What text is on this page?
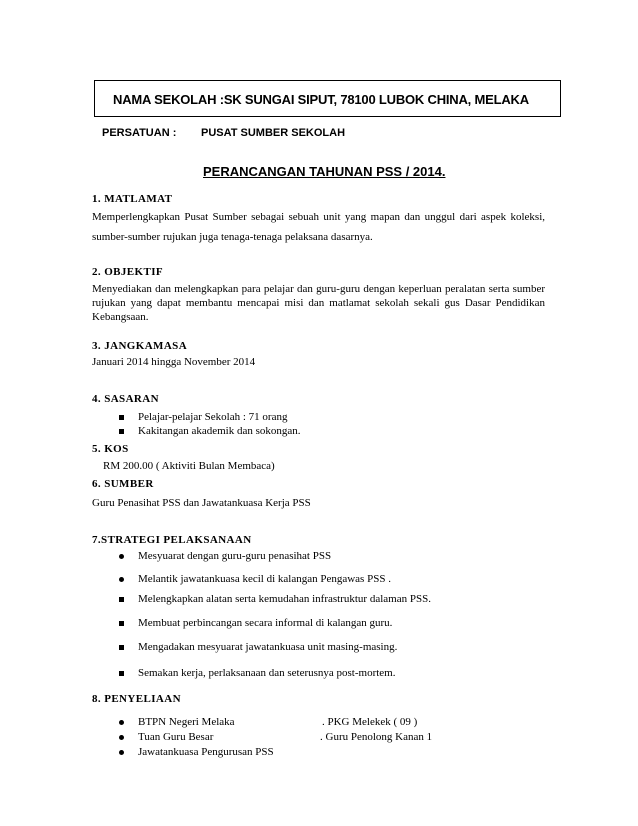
NAMA SEKOLAH :SK SUNGAI SIPUT, 78100 LUBOK CHINA, MELAKA
PERSATUAN : PUSAT SUMBER SEKOLAH
PERANCANGAN TAHUNAN PSS / 2014.
1. MATLAMAT
Memperlengkapkan Pusat Sumber sebagai sebuah unit yang mapan dan unggul dari aspek koleksi,
sumber-sumber rujukan juga tenaga-tenaga pelaksana dasarnya.
2. OBJEKTIF
Menyediakan dan melengkapkan para pelajar dan guru-guru dengan keperluan peralatan serta sumber
rujukan yang dapat membantu mencapai misi dan matlamat sekolah sekali gus Dasar Pendidikan
Kebangsaan.
3. JANGKAMASA
Januari 2014 hingga November 2014
4. SASARAN
Pelajar-pelajar Sekolah : 71 orang
Kakitangan akademik dan sokongan.
5. KOS
RM 200.00 ( Aktiviti Bulan Membaca)
6. SUMBER
Guru Penasihat PSS dan Jawatankuasa Kerja PSS
7.STRATEGI PELAKSANAAN
Mesyuarat dengan guru-guru penasihat PSS
Melantik jawatankuasa kecil di kalangan Pengawas PSS .
Melengkapkan alatan serta kemudahan infrastruktur dalaman PSS.
Membuat perbincangan secara informal di kalangan guru.
Mengadakan mesyuarat jawatankuasa unit masing-masing.
Semakan kerja, perlaksanaan dan seterusnya post-mortem.
8. PENYELIAAN
BTPN Negeri Melaka
Tuan Guru Besar
Jawatankuasa Pengurusan PSS
. PKG Melekek ( 09 )
. Guru Penolong Kanan 1
